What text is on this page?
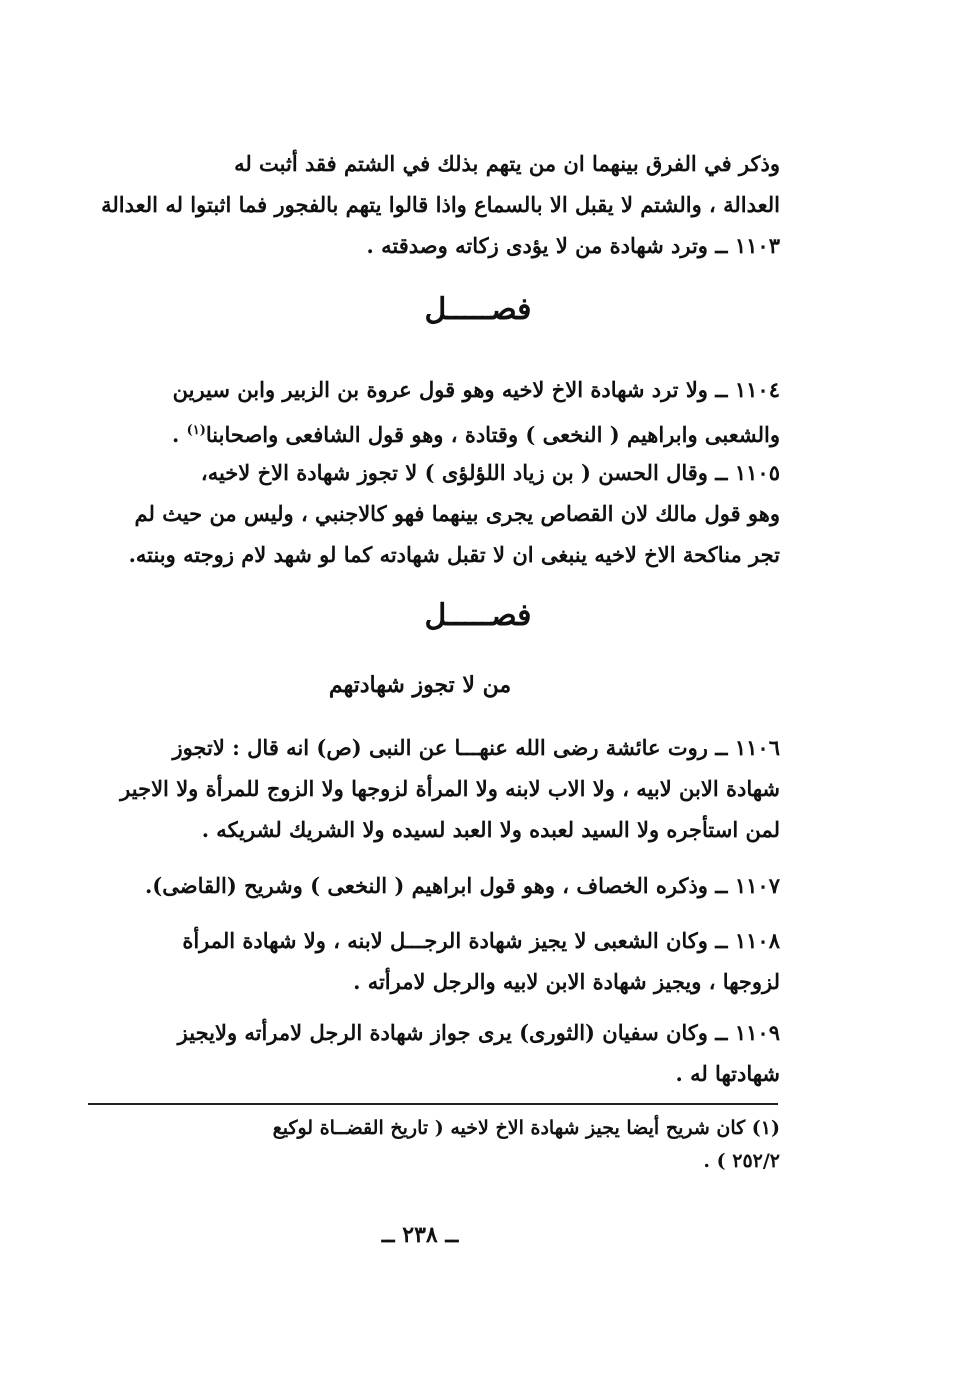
وذكر في الفرق بينهما ان من يتهم بذلك في الشتم فقد أثبت له
العدالة ، والشتم لا يقبل الا بالسماع واذا قالوا يتهم بالفجور فما اثبتوا له العدالة
١١٠٣ ــ وترد شهادة من لا يؤدى زكاته وصدقته .
فصـــــل
١١٠٤ ــ ولا ترد شهادة الاخ لاخيه وهو قول عروة بن الزبير وابن سيرين
والشعبى وابراهيم ( النخعى ) وقتادة ، وهو قول الشافعى واصحابنا$^{(١)}$ .
١١٠٥ ــ وقال الحسن ( بن زياد اللؤلؤى ) لا تجوز شهادة الاخ لاخيه،
وهو قول مالك لان القصاص يجرى بينهما فهو كالاجنبي ، وليس من حيث لم
تجر مناكحة الاخ لاخيه ينبغى ان لا تقبل شهادته كما لو شهد لام زوجته وبنته.
فصـــــل
من لا تجوز شهادتهم
١١٠٦ ــ روت عائشة رضى الله عنهـــا عن النبى (ص) انه قال : لاتجوز
شهادة الابن لابيه ، ولا الاب لابنه ولا المرأة لزوجها ولا الزوج للمرأة ولا الاجير
لمن استأجره ولا السيد لعبده ولا العبد لسيده ولا الشريك لشريكه .
١١٠٧ ــ وذكره الخصاف ، وهو قول ابراهيم ( النخعى ) وشريح (القاضى).
١١٠٨ ــ وكان الشعبى لا يجيز شهادة الرجـــل لابنه ، ولا شهادة المرأة
لزوجها ، ويجيز شهادة الابن لابيه والرجل لامرأته .
١١٠٩ ــ وكان سفيان (الثورى) يرى جواز شهادة الرجل لامرأته ولايجيز
شهادتها له .
(١) كان شريح أيضا يجيز شهادة الاخ لاخيه ( تاريخ القضــاة لوكيع
٢٥٢/٢ ) .
ــ ٢٣٨ ــ
